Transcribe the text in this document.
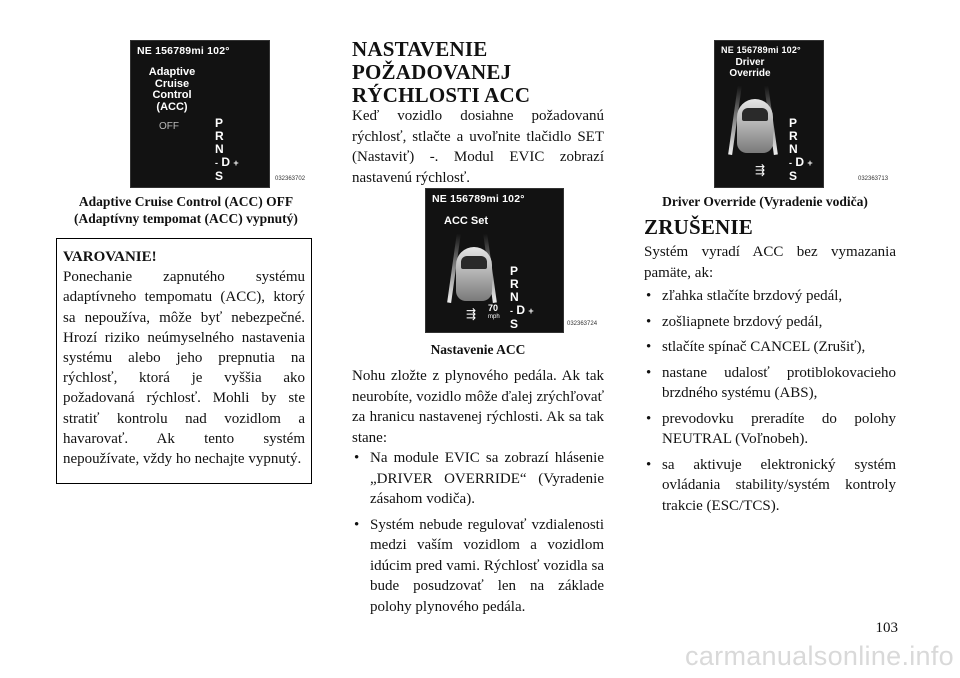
NE 156789mi 102°
Adaptive
Cruise
Control
(ACC)
OFF	P
R
N
- D +
S	032363702
Adaptive Cruise Control (ACC) OFF
(Adaptívny tempomat (ACC) vypnutý)
VAROVANIE!
Ponechanie zapnutého systému adaptívneho tempomatu (ACC), ktorý sa nepoužíva, môže byť nebezpečné. Hrozí riziko neúmyselného nastavenia systému alebo jeho prepnutia na rýchlosť, ktorá je vyššia ako požadovaná rýchlosť. Mohli by ste stratiť kontrolu nad vozidlom a havarovať. Ak tento systém nepoužívate, vždy ho nechajte vypnutý.
NASTAVENIE
POŽADOVANEJ
RÝCHLOSTI ACC

Keď vozidlo dosiahne požadovanú rýchlosť, stlačte a uvoľnite tlačidlo SET (Nastaviť) -. Modul EVIC zobrazí nastavenú rýchlosť.

NE 156789mi 102°
ACC Set
⇶ 70
mph
P
R
N
- D +
S	032363724
Nastavenie ACC

Nohu zložte z plynového pedála. Ak tak neurobíte, vozidlo môže ďalej zrýchľovať za hranicu nastavenej rýchlosti. Ak sa tak stane:

• Na module EVIC sa zobrazí hlásenie „DRIVER OVERRIDE“ (Vyradenie zásahom vodiča).
• Systém nebude regulovať vzdialenosti medzi vaším vozidlom a vozidlom idúcim pred vami. Rýchlosť vozidla sa bude posudzovať len na základe polohy plynového pedála.
NE 156789mi 102°
Driver
Override
⇶
P
R
N
- D +
S	032363713
Driver Override (Vyradenie vodiča)
ZRUŠENIE

Systém vyradí ACC bez vymazania pamäte, ak:

• zľahka stlačíte brzdový pedál,
• zošliapnete brzdový pedál,
• stlačíte spínač CANCEL (Zrušiť),
• nastane udalosť protiblokovacieho brzdného systému (ABS),
• prevodovku preradíte do polohy NEUTRAL (Voľnobeh).
• sa aktivuje elektronický systém ovládania stability/systém kontroly trakcie (ESC/TCS).
103
carmanualsonline.info
